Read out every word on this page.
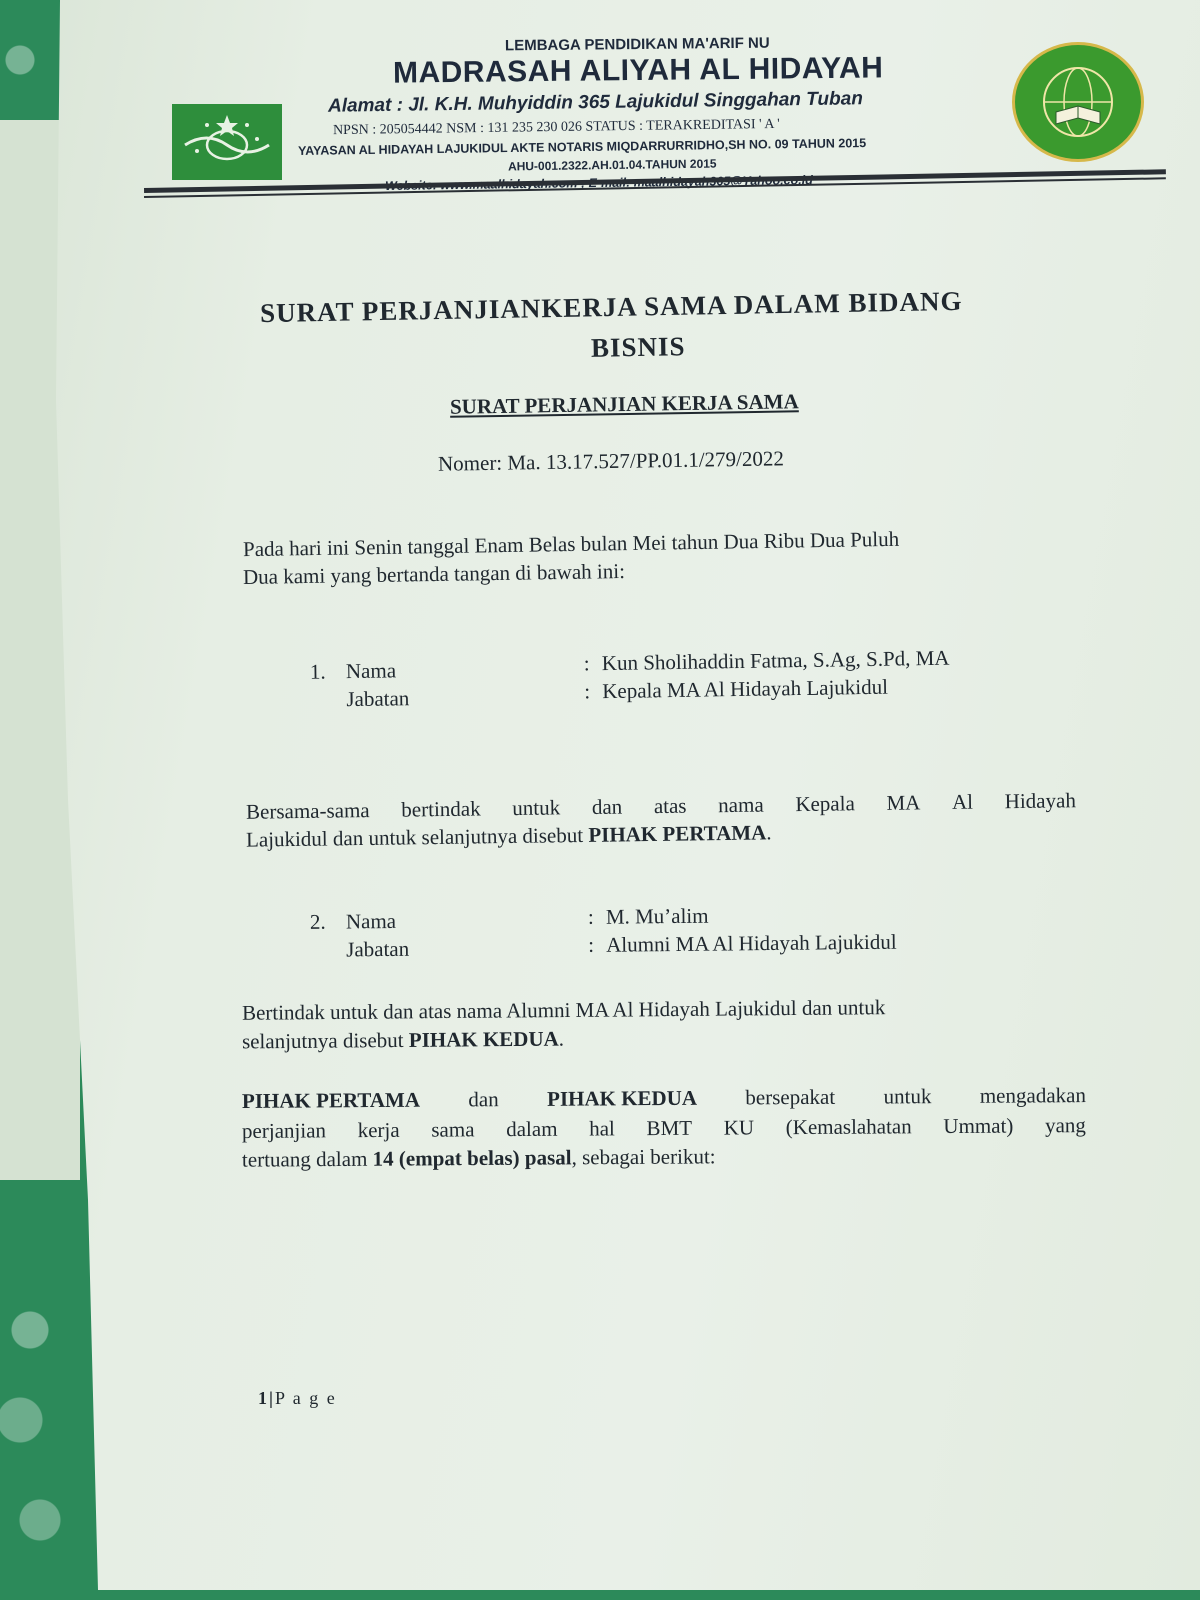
LEMBAGA PENDIDIKAN MA'ARIF NU
MADRASAH ALIYAH AL HIDAYAH
Alamat : Jl. K.H. Muhyiddin 365 Lajukidul Singgahan Tuban
NPSN : 205054442 NSM : 131 235 230 026 STATUS : TERAKREDITASI ' A '
YAYASAN AL HIDAYAH LAJUKIDUL AKTE NOTARIS MIQDARRURRIDHO,SH NO. 09 TAHUN 2015
AHU-001.2322.AH.01.04.TAHUN 2015
SURAT PERJANJIANKERJA SAMA DALAM BIDANG
BISNIS
SURAT PERJANJIAN KERJA SAMA
Nomer: Ma. 13.17.527/PP.01.1/279/2022
Pada hari ini Senin tanggal Enam Belas bulan Mei tahun Dua Ribu Dua Puluh
Dua kami yang bertanda tangan di bawah ini:
1. Nama	: Kun Sholihaddin Fatma, S.Ag, S.Pd, MA
Jabatan	: Kepala MA Al Hidayah Lajukidul
Bersama-sama bertindak untuk dan atas nama Kepala MA Al Hidayah
Lajukidul dan untuk selanjutnya disebut PIHAK PERTAMA.
2. Nama	: M. Mu’alim
Jabatan	: Alumni MA Al Hidayah Lajukidul
Bertindak untuk dan atas nama Alumni MA Al Hidayah Lajukidul dan untuk
selanjutnya disebut PIHAK KEDUA.
PIHAK PERTAMA dan PIHAK KEDUA bersepakat untuk mengadakan
perjanjian kerja sama dalam hal BMT KU (Kemaslahatan Ummat) yang
tertuang dalam 14 (empat belas) pasal, sebagai berikut:
1|P a g e
